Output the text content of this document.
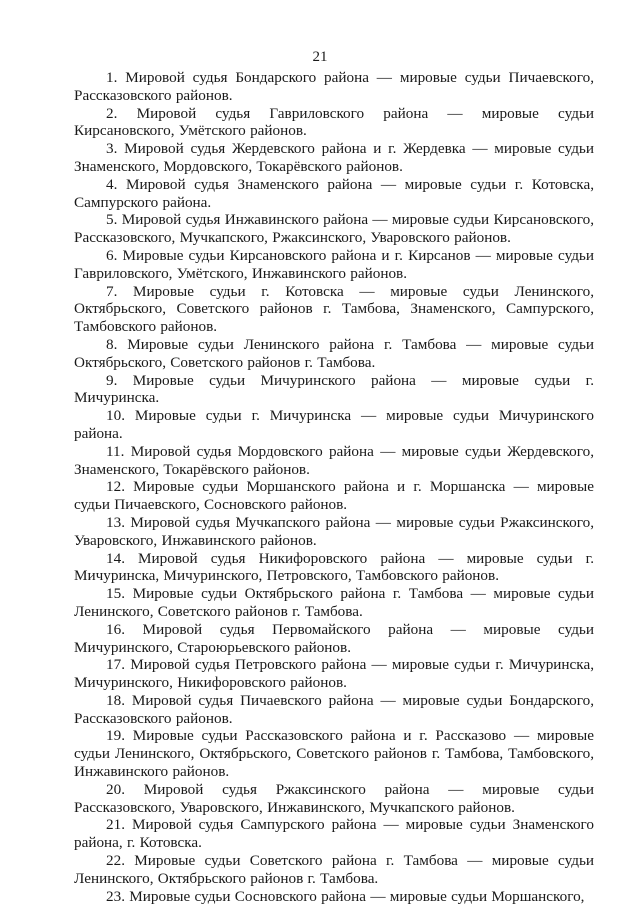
21

1. Мировой судья Бондарского района — мировые судьи Пичаевского, Рассказовского районов.

2. Мировой судья Гавриловского района — мировые судьи Кирсановского, Умётского районов.

3. Мировой судья Жердевского района и г. Жердевка — мировые судьи Знаменского, Мордовского, Токарёвского районов.

4. Мировой судья Знаменского района — мировые судьи г. Котовска, Сампурского района.

5. Мировой судья Инжавинского района — мировые судьи Кирсановского, Рассказовского, Мучкапского, Ржаксинского, Уваровского районов.

6. Мировые судьи Кирсановского района и г. Кирсанов — мировые судьи Гавриловского, Умётского, Инжавинского районов.

7. Мировые судьи г. Котовска — мировые судьи Ленинского, Октябрьского, Советского районов г. Тамбова, Знаменского, Сампурского, Тамбовского районов.

8. Мировые судьи Ленинского района г. Тамбова — мировые судьи Октябрьского, Советского районов г. Тамбова.

9. Мировые судьи Мичуринского района — мировые судьи г. Мичуринска.

10. Мировые судьи г. Мичуринска — мировые судьи Мичуринского района.

11. Мировой судья Мордовского района — мировые судьи Жердевского, Знаменского, Токарёвского районов.

12. Мировые судьи Моршанского района и г. Моршанска — мировые судьи Пичаевского, Сосновского районов.

13. Мировой судья Мучкапского района — мировые судьи Ржаксинского, Уваровского, Инжавинского районов.

14. Мировой судья Никифоровского района — мировые судьи г. Мичуринска, Мичуринского, Петровского, Тамбовского районов.

15. Мировые судьи Октябрьского района г. Тамбова — мировые судьи Ленинского, Советского районов г. Тамбова.

16. Мировой судья Первомайского района — мировые судьи Мичуринского, Староюрьевского районов.

17. Мировой судья Петровского района — мировые судьи г. Мичуринска, Мичуринского, Никифоровского районов.

18. Мировой судья Пичаевского района — мировые судьи Бондарского, Рассказовского районов.

19. Мировые судьи Рассказовского района и г. Рассказово — мировые судьи Ленинского, Октябрьского, Советского районов г. Тамбова, Тамбовского, Инжавинского районов.

20. Мировой судья Ржаксинского района — мировые судьи Рассказовского, Уваровского, Инжавинского, Мучкапского районов.

21. Мировой судья Сампурского района — мировые судьи Знаменского района, г. Котовска.

22. Мировые судьи Советского района г. Тамбова — мировые судьи Ленинского, Октябрьского районов г. Тамбова.

23. Мировые судьи Сосновского района — мировые судьи Моршанского,
